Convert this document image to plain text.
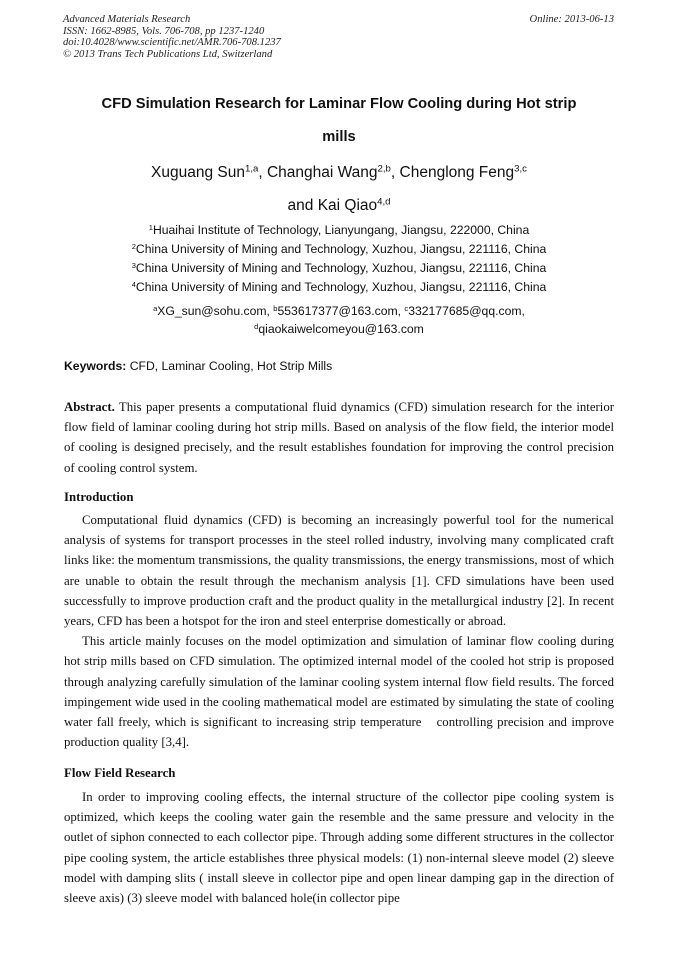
Advanced Materials Research
ISSN: 1662-8985, Vols. 706-708, pp 1237-1240
doi:10.4028/www.scientific.net/AMR.706-708.1237
© 2013 Trans Tech Publications Ltd, Switzerland
Online: 2013-06-13
CFD Simulation Research for Laminar Flow Cooling during Hot strip
mills
Xuguang Sun$^{1,a}$, Changhai Wang$^{2,b}$, Chenglong Feng$^{3,c}$
and Kai Qiao$^{4,d}$
$^1$Huaihai Institute of Technology, Lianyungang, Jiangsu, 222000, China
$^2$China University of Mining and Technology, Xuzhou, Jiangsu, 221116, China
$^3$China University of Mining and Technology, Xuzhou, Jiangsu, 221116, China
$^4$China University of Mining and Technology, Xuzhou, Jiangsu, 221116, China
$^a$XG_sun@sohu.com, $^b$553617377@163.com, $^c$332177685@qq.com,
$^d$qiaokaiwelcomeyou@163.com
Keywords: CFD, Laminar Cooling, Hot Strip Mills
Abstract. This paper presents a computational fluid dynamics (CFD) simulation research for the interior flow field of laminar cooling during hot strip mills. Based on analysis of the flow field, the interior model of cooling is designed precisely, and the result establishes foundation for improving the control precision of cooling control system.
Introduction

Computational fluid dynamics (CFD) is becoming an increasingly powerful tool for the numerical analysis of systems for transport processes in the steel rolled industry, involving many complicated craft links like: the momentum transmissions, the quality transmissions, the energy transmissions, most of which are unable to obtain the result through the mechanism analysis [1]. CFD simulations have been used successfully to improve production craft and the product quality in the metallurgical industry [2]. In recent years, CFD has been a hotspot for the iron and steel enterprise domestically or abroad.

This article mainly focuses on the model optimization and simulation of laminar flow cooling during hot strip mills based on CFD simulation. The optimized internal model of the cooled hot strip is proposed through analyzing carefully simulation of the laminar cooling system internal flow field results. The forced impingement wide used in the cooling mathematical model are estimated by simulating the state of cooling water fall freely, which is significant to increasing strip temperature　controlling precision and improve production quality [3,4].

Flow Field Research

In order to improving cooling effects, the internal structure of the collector pipe cooling system is optimized, which keeps the cooling water gain the resemble and the same pressure and velocity in the outlet of siphon connected to each collector pipe. Through adding some different structures in the collector pipe cooling system, the article establishes three physical models: (1) non-internal sleeve model (2) sleeve model with damping slits ( install sleeve in collector pipe and open linear damping gap in the direction of sleeve axis) (3) sleeve model with balanced hole(in collector pipe
